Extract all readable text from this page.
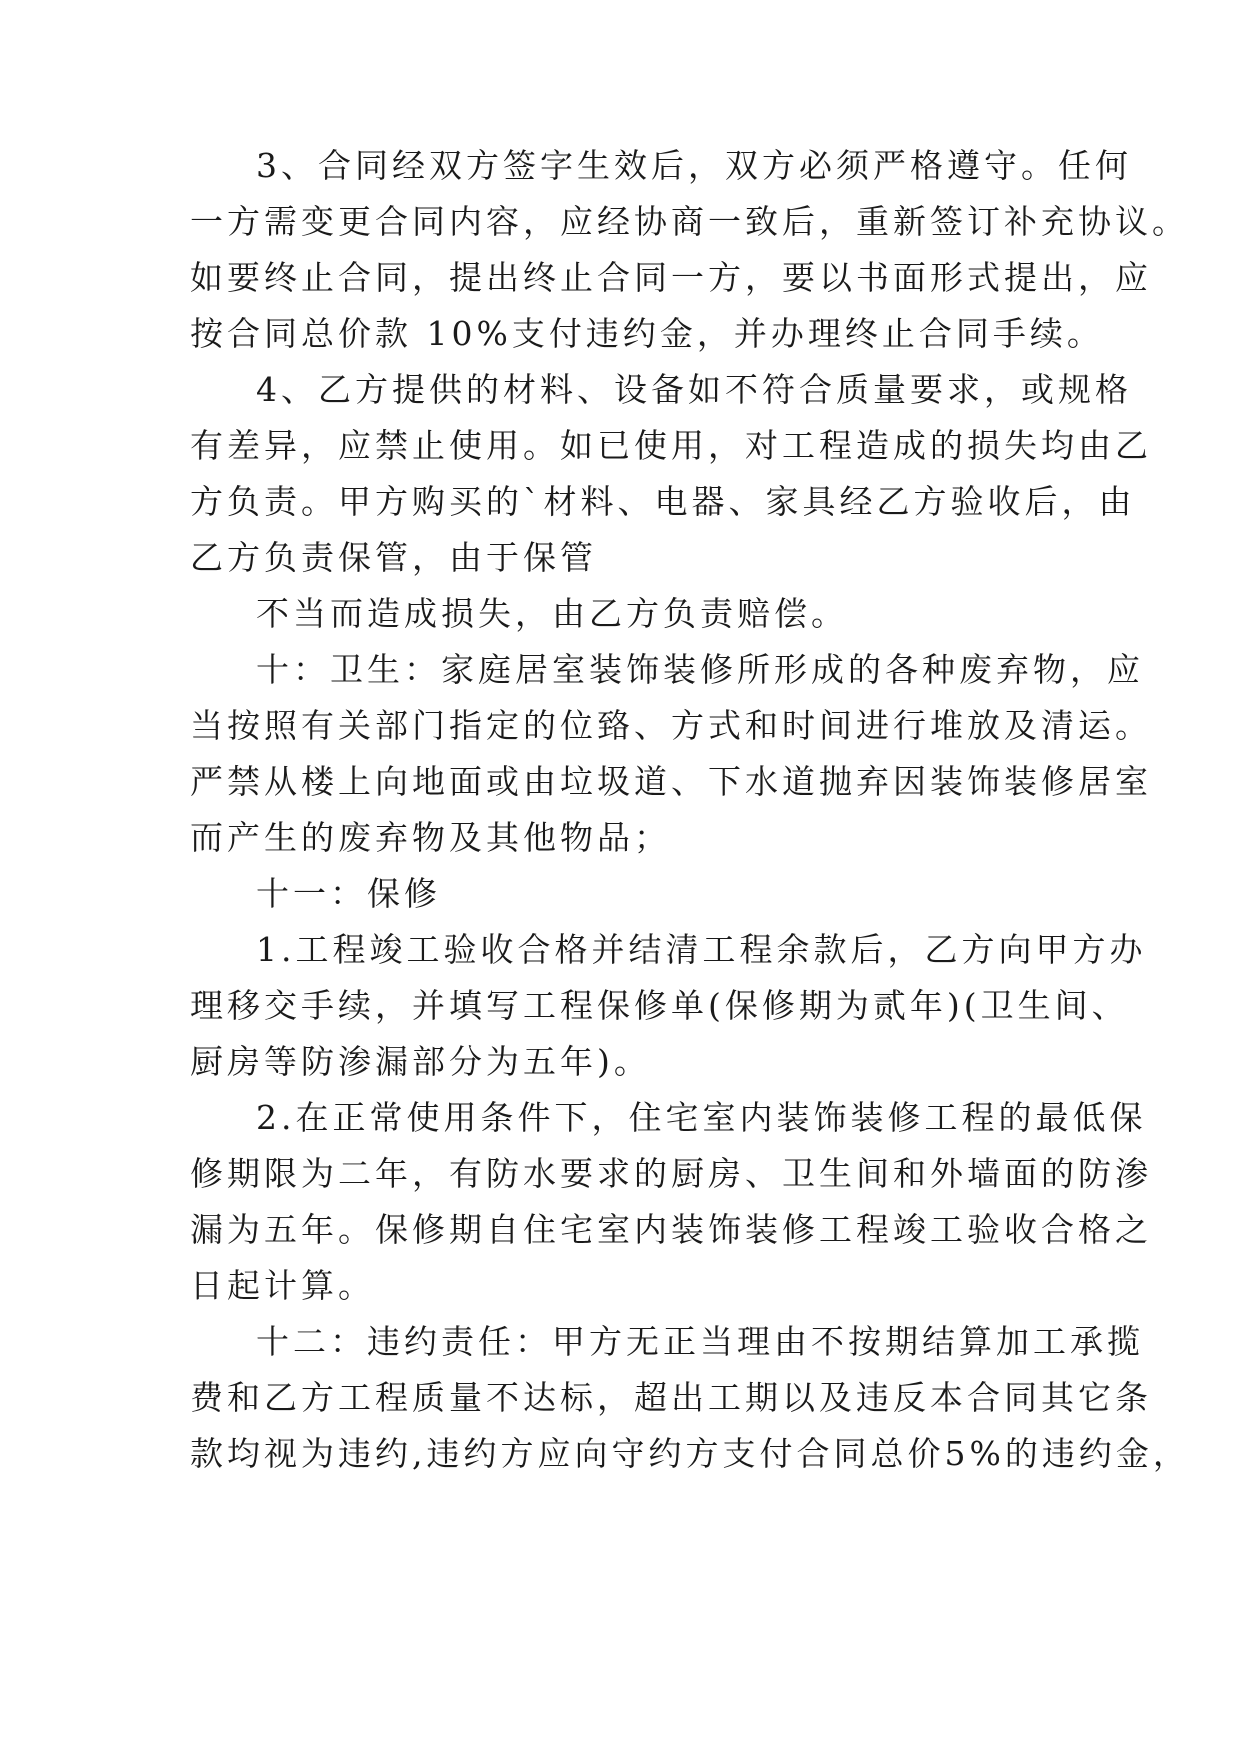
3、合同经双方签字生效后，双方必须严格遵守。任何
一方需变更合同内容，应经协商一致后，重新签订补充协议。
如要终止合同，提出终止合同一方，要以书面形式提出，应
按合同总价款 10%支付违约金，并办理终止合同手续。
4、乙方提供的材料、设备如不符合质量要求，或规格
有差异，应禁止使用。如已使用，对工程造成的损失均由乙
方负责。甲方购买的`材料、电器、家具经乙方验收后，由
乙方负责保管，由于保管
不当而造成损失，由乙方负责赔偿。
十：卫生：家庭居室装饰装修所形成的各种废弃物，应
当按照有关部门指定的位臵、方式和时间进行堆放及清运。
严禁从楼上向地面或由垃圾道、下水道抛弃因装饰装修居室
而产生的废弃物及其他物品；
十一：保修
1.工程竣工验收合格并结清工程余款后，乙方向甲方办
理移交手续，并填写工程保修单(保修期为贰年)(卫生间、
厨房等防渗漏部分为五年)。
2.在正常使用条件下，住宅室内装饰装修工程的最低保
修期限为二年，有防水要求的厨房、卫生间和外墙面的防渗
漏为五年。保修期自住宅室内装饰装修工程竣工验收合格之
日起计算。
十二：违约责任：甲方无正当理由不按期结算加工承揽
费和乙方工程质量不达标，超出工期以及违反本合同其它条
款均视为违约,违约方应向守约方支付合同总价5%的违约金，
